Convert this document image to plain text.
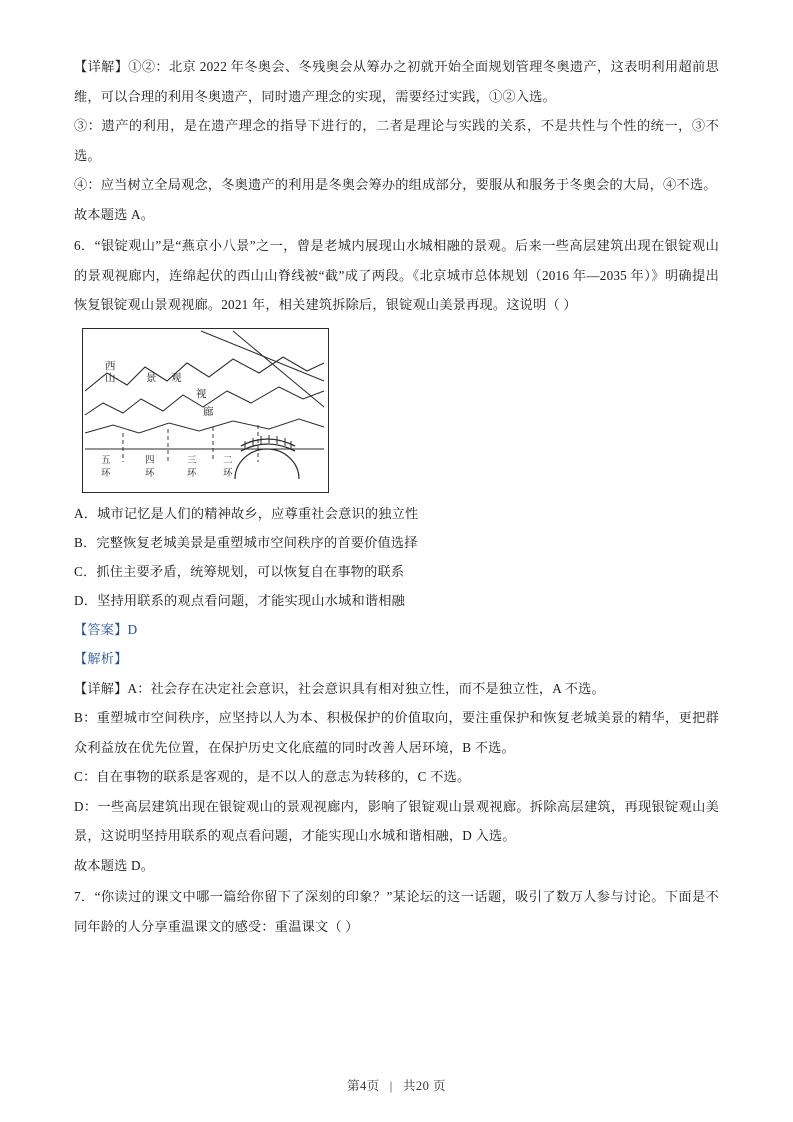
【详解】①②：北京 2022 年冬奥会、冬残奥会从筹办之初就开始全面规划管理冬奥遗产，这表明利用超前思维，可以合理的利用冬奥遗产，同时遗产理念的实现，需要经过实践，①②入选。

③：遗产的利用，是在遗产理念的指导下进行的，二者是理论与实践的关系，不是共性与个性的统一，③不选。

④：应当树立全局观念，冬奥遗产的利用是冬奥会筹办的组成部分，要服从和服务于冬奥会的大局，④不选。

故本题选 A。

6．“银锭观山”是“燕京小八景”之一，曾是老城内展现山水城相融的景观。后来一些高层建筑出现在银锭观山的景观视廊内，连绵起伏的西山山脊线被“截”成了两段。《北京城市总体规划（2016 年—2035 年）》明确提出恢复银锭观山景观视廊。2021 年，相关建筑拆除后，银锭观山美景再现。这说明（ ）

西
山	景 观
视
廊
五
环
四
环
三
环
二
环

A．城市记忆是人们的精神故乡，应尊重社会意识的独立性

B．完整恢复老城美景是重塑城市空间秩序的首要价值选择

C．抓住主要矛盾，统筹规划，可以恢复自在事物的联系

D．坚持用联系的观点看问题，才能实现山水城和谐相融

【答案】D

【解析】

【详解】A：社会存在决定社会意识，社会意识具有相对独立性，而不是独立性，A 不选。

B：重塑城市空间秩序，应坚持以人为本、积极保护的价值取向，要注重保护和恢复老城美景的精华，更把群众利益放在优先位置，在保护历史文化底蕴的同时改善人居环境，B 不选。

C：自在事物的联系是客观的，是不以人的意志为转移的，C 不选。

D：一些高层建筑出现在银锭观山的景观视廊内，影响了银锭观山景观视廊。拆除高层建筑，再现银锭观山美景，这说明坚持用联系的观点看问题，才能实现山水城和谐相融，D 入选。

故本题选 D。

7．“你读过的课文中哪一篇给你留下了深刻的印象？”某论坛的这一话题，吸引了数万人参与讨论。下面是不同年龄的人分享重温课文的感受：重温课文（ ）

第4页 | 共20 页
